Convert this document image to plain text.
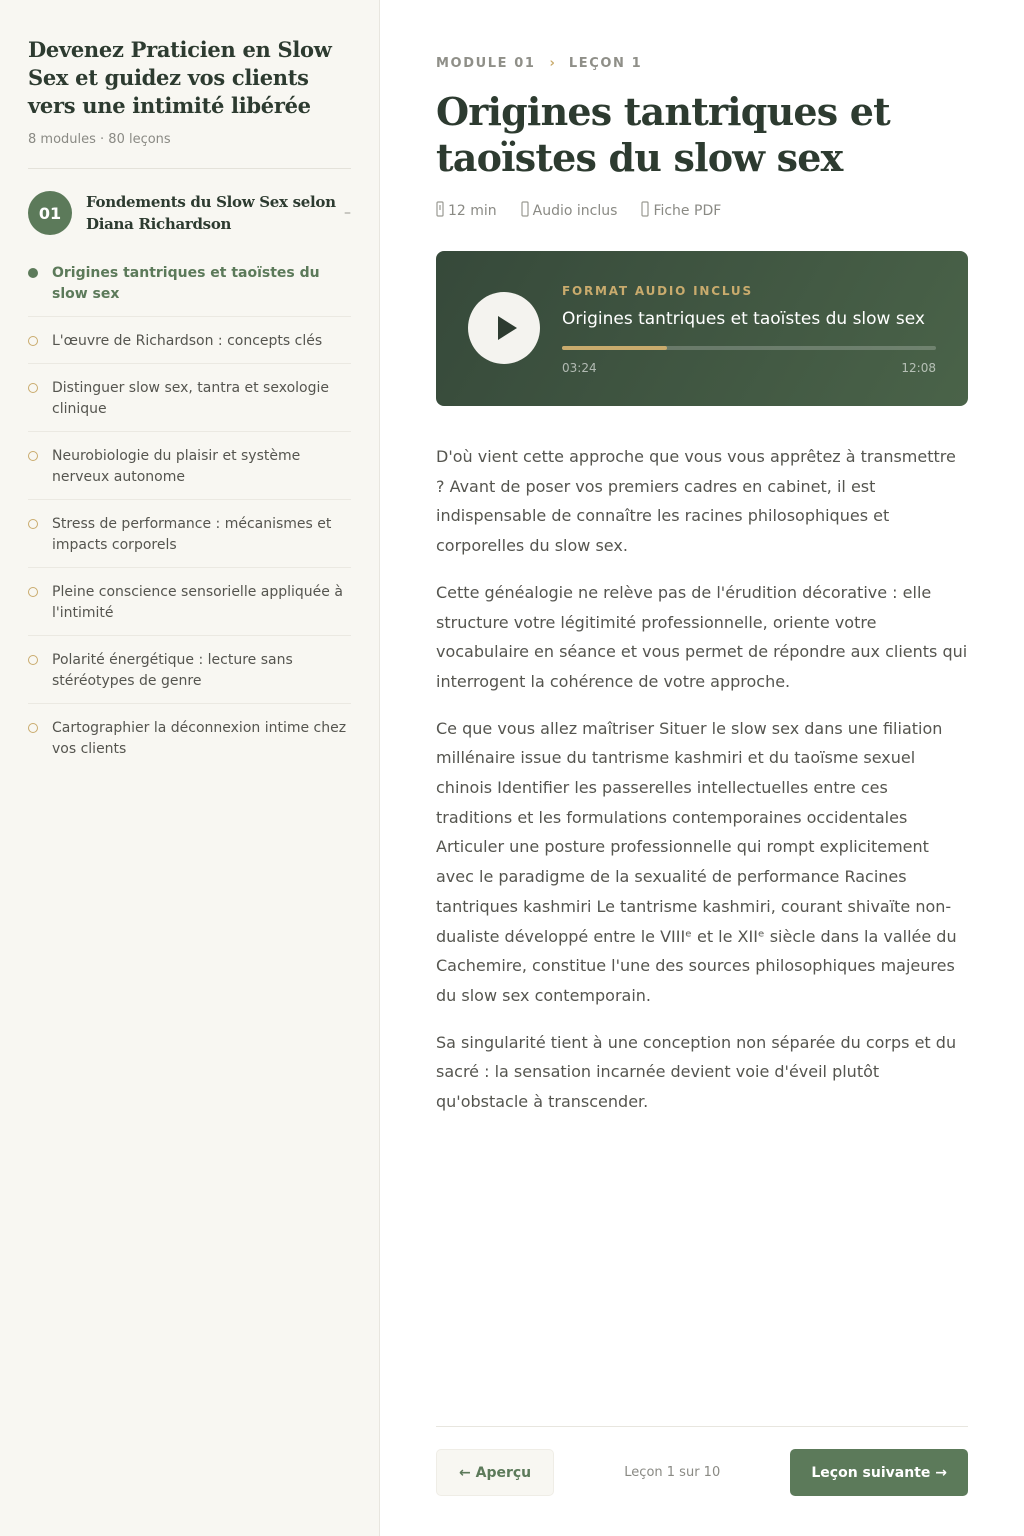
Devenez Praticien en Slow Sex et guidez vos clients vers une intimité libérée
8 modules · 80 leçons
01
Fondements du Slow Sex selon Diana Richardson
–
Origines tantriques et taoïstes du slow sex
L'œuvre de Richardson : concepts clés
Distinguer slow sex, tantra et sexologie clinique
Neurobiologie du plaisir et système nerveux autonome
Stress de performance : mécanismes et impacts corporels
Pleine conscience sensorielle appliquée à l'intimité
Polarité énergétique : lecture sans stéréotypes de genre
Cartographier la déconnexion intime chez vos clients
MODULE 01 › LEÇON 1
Origines tantriques et taoïstes du slow sex
12 min	Audio inclus	Fiche PDF
FORMAT AUDIO INCLUS
Origines tantriques et taoïstes du slow sex
03:24	12:08

D'où vient cette approche que vous vous apprêtez à transmettre ? Avant de poser vos premiers cadres en cabinet, il est indispensable de connaître les racines philosophiques et corporelles du slow sex.

Cette généalogie ne relève pas de l'érudition décorative : elle structure votre légitimité professionnelle, oriente votre vocabulaire en séance et vous permet de répondre aux clients qui interrogent la cohérence de votre approche.

Ce que vous allez maîtriser Situer le slow sex dans une filiation millénaire issue du tantrisme kashmiri et du taoïsme sexuel chinois Identifier les passerelles intellectuelles entre ces traditions et les formulations contemporaines occidentales Articuler une posture professionnelle qui rompt explicitement avec le paradigme de la sexualité de performance Racines tantriques kashmiri Le tantrisme kashmiri, courant shivaïte non-dualiste développé entre le VIIIᵉ et le XIIᵉ siècle dans la vallée du Cachemire, constitue l'une des sources philosophiques majeures du slow sex contemporain.

Sa singularité tient à une conception non séparée du corps et du sacré : la sensation incarnée devient voie d'éveil plutôt qu'obstacle à transcender.

← Aperçu	Leçon 1 sur 10	Leçon suivante →
